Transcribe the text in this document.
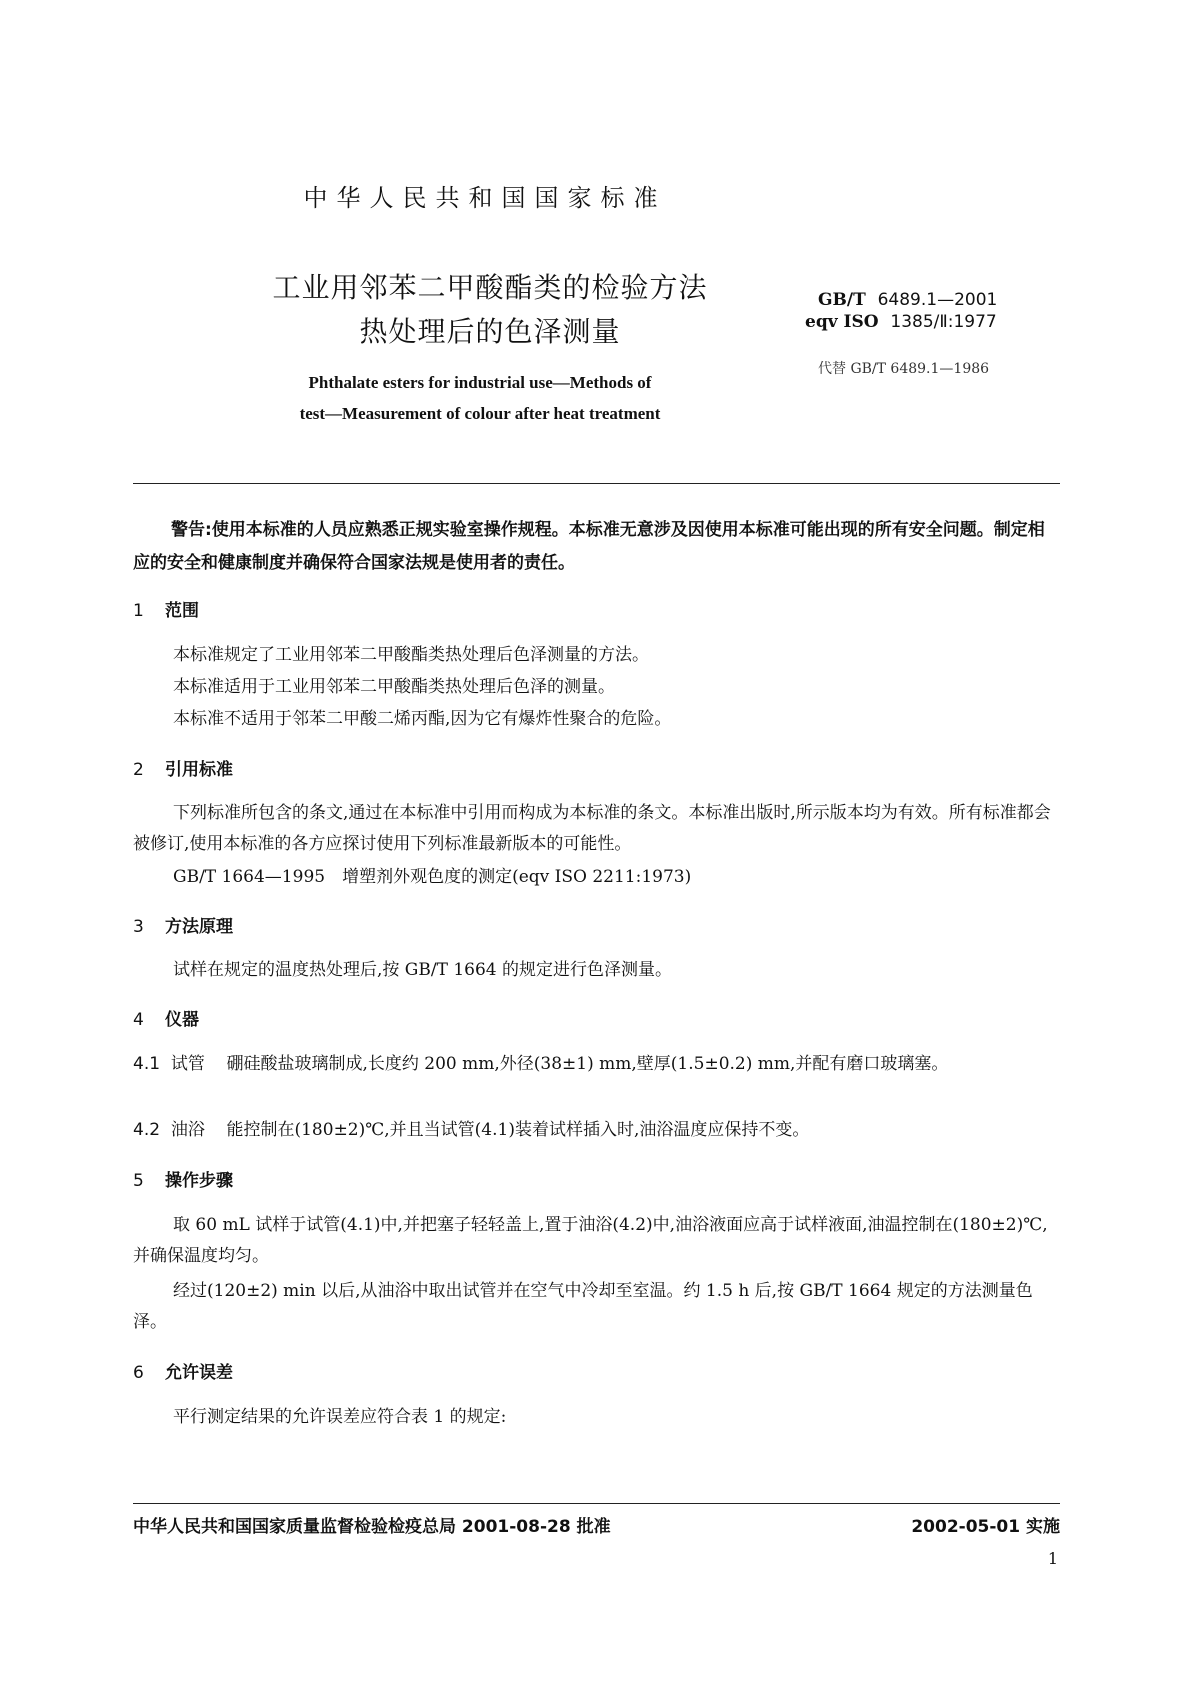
中华人民共和国国家标准
工业用邻苯二甲酸酯类的检验方法
热处理后的色泽测量
GB/T 6489.1—2001
eqv ISO 1385/Ⅱ:1977
代替 GB/T 6489.1—1986
Phthalate esters for industrial use—Methods of
test—Measurement of colour after heat treatment
警告:使用本标准的人员应熟悉正规实验室操作规程。本标准无意涉及因使用本标准可能出现的所有安全问题。制定相应的安全和健康制度并确保符合国家法规是使用者的责任。
1 范围
本标准规定了工业用邻苯二甲酸酯类热处理后色泽测量的方法。
本标准适用于工业用邻苯二甲酸酯类热处理后色泽的测量。
本标准不适用于邻苯二甲酸二烯丙酯,因为它有爆炸性聚合的危险。
2 引用标准
下列标准所包含的条文,通过在本标准中引用而构成为本标准的条文。本标准出版时,所示版本均为有效。所有标准都会被修订,使用本标准的各方应探讨使用下列标准最新版本的可能性。
GB/T 1664—1995　增塑剂外观色度的测定(eqv ISO 2211:1973)
3 方法原理
试样在规定的温度热处理后,按 GB/T 1664 的规定进行色泽测量。
4 仪器
4.1 试管 硼硅酸盐玻璃制成,长度约 200 mm,外径(38±1) mm,壁厚(1.5±0.2) mm,并配有磨口玻璃塞。
4.2 油浴 能控制在(180±2)℃,并且当试管(4.1)装着试样插入时,油浴温度应保持不变。
5 操作步骤
取 60 mL 试样于试管(4.1)中,并把塞子轻轻盖上,置于油浴(4.2)中,油浴液面应高于试样液面,油温控制在(180±2)℃,并确保温度均匀。
经过(120±2) min 以后,从油浴中取出试管并在空气中冷却至室温。约 1.5 h 后,按 GB/T 1664 规定的方法测量色泽。
6 允许误差
平行测定结果的允许误差应符合表 1 的规定:
中华人民共和国国家质量监督检验检疫总局 2001-08-28 批准	2002-05-01 实施
1
